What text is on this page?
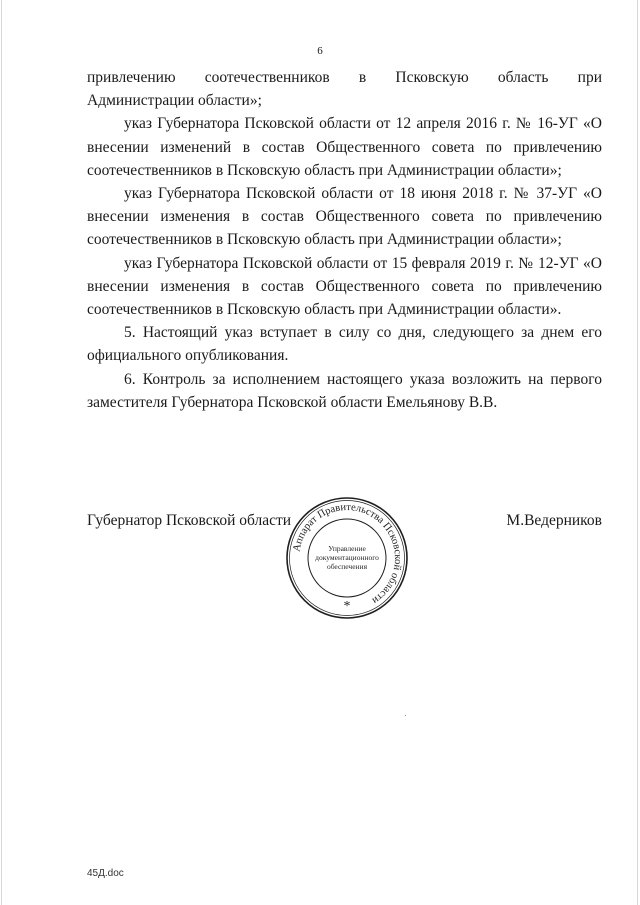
6

привлечению соотечественников в Псковскую область при

Администрации области»;

указ Губернатора Псковской области от 12 апреля 2016 г. № 16-УГ «О внесении изменений в состав Общественного совета по привлечению соотечественников в Псковскую область при Администрации области»;

указ Губернатора Псковской области от 18 июня 2018 г. № 37-УГ «О внесении изменения в состав Общественного совета по привлечению соотечественников в Псковскую область при Администрации области»;

указ Губернатора Псковской области от 15 февраля 2019 г. № 12-УГ «О внесении изменения в состав Общественного совета по привлечению соотечественников в Псковскую область при Администрации области».

5. Настоящий указ вступает в силу со дня, следующего за днем его официального опубликования.

6. Контроль за исполнением настоящего указа возложить на первого заместителя Губернатора Псковской области Емельянову В.В.

Аппарат Правительства Псковской области
Управление
документационного
обеспечения
*
Губернатор Псковской области	М.Ведерников
45Д.doc
